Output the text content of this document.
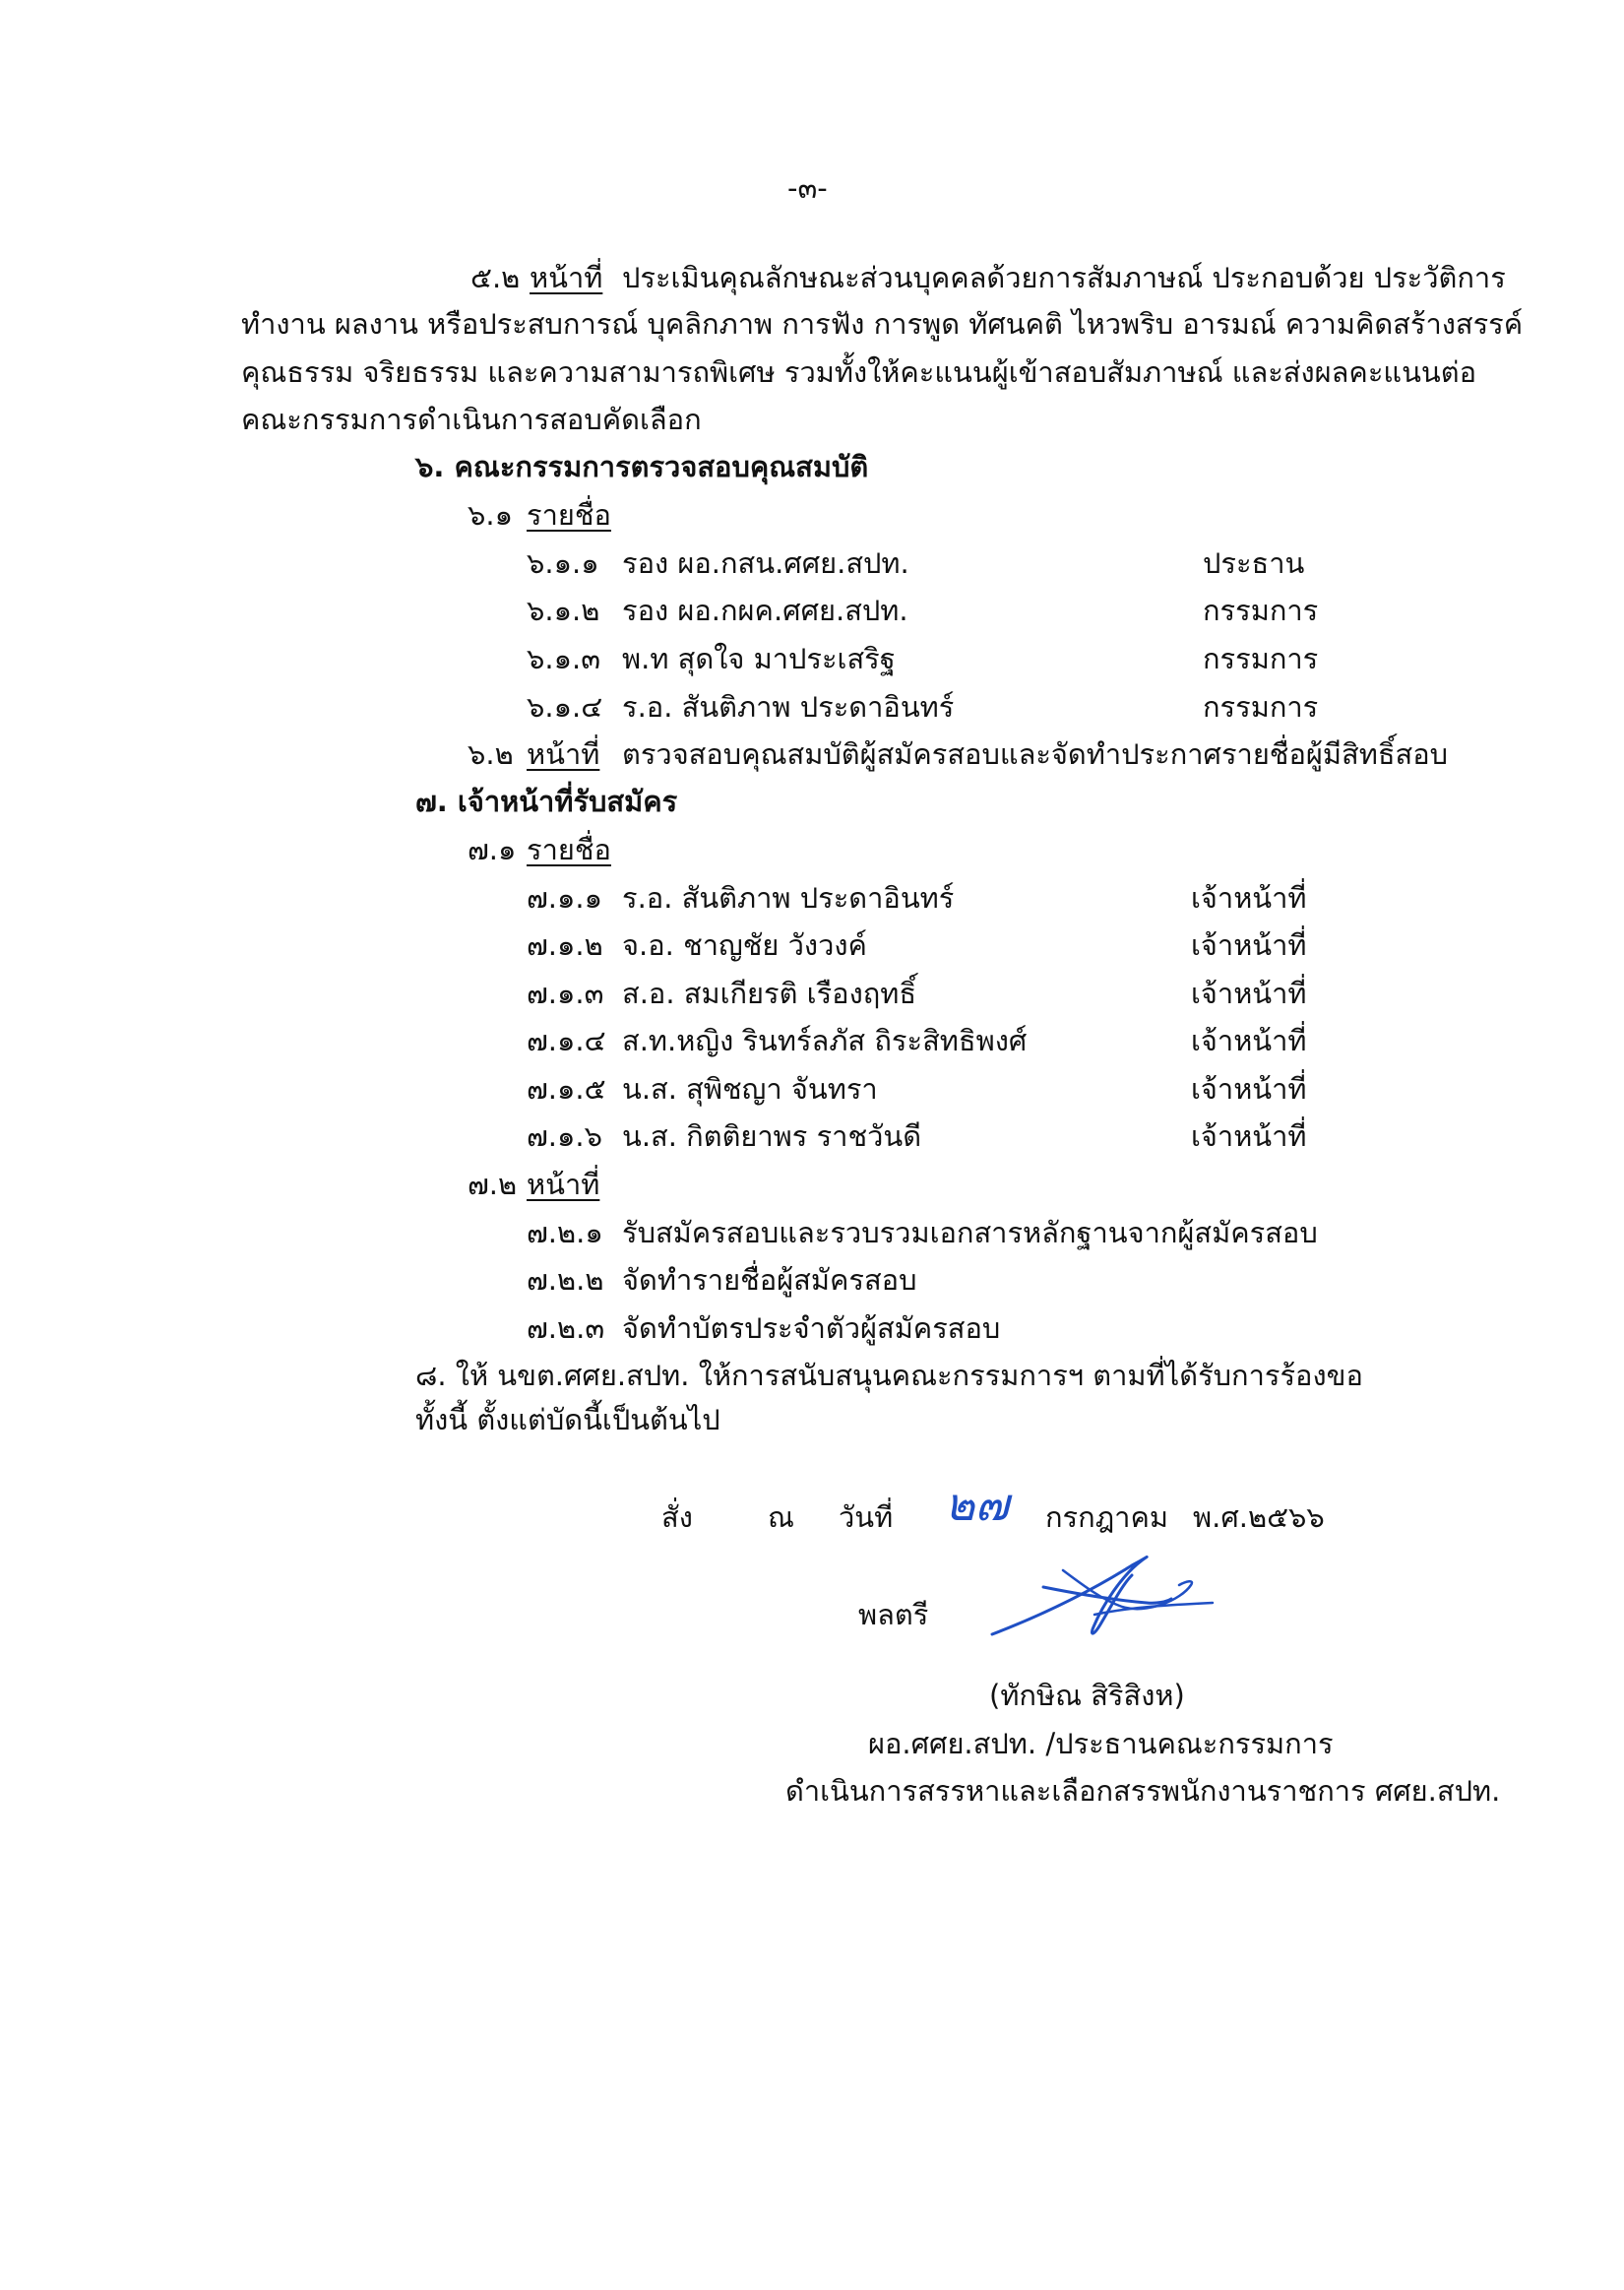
-๓-
๕.๒ หน้าที่ ประเมินคุณลักษณะส่วนบุคคลด้วยการสัมภาษณ์ ประกอบด้วย ประวัติการ
ทำงาน ผลงาน หรือประสบการณ์ บุคลิกภาพ การฟัง การพูด ทัศนคติ ไหวพริบ อารมณ์ ความคิดสร้างสรรค์
คุณธรรม จริยธรรม และความสามารถพิเศษ รวมทั้งให้คะแนนผู้เข้าสอบสัมภาษณ์ และส่งผลคะแนนต่อ
คณะกรรมการดำเนินการสอบคัดเลือก
๖. คณะกรรมการตรวจสอบคุณสมบัติ
๖.๑ รายชื่อ
๖.๑.๑ รอง ผอ.กสน.ศศย.สปท.	ประธาน
๖.๑.๒ รอง ผอ.กผค.ศศย.สปท.	กรรมการ
๖.๑.๓ พ.ท สุดใจ มาประเสริฐ	กรรมการ
๖.๑.๔ ร.อ. สันติภาพ ประดาอินทร์	กรรมการ
๖.๒ หน้าที่ ตรวจสอบคุณสมบัติผู้สมัครสอบและจัดทำประกาศรายชื่อผู้มีสิทธิ์สอบ
๗. เจ้าหน้าที่รับสมัคร
๗.๑ รายชื่อ
๗.๑.๑ ร.อ. สันติภาพ ประดาอินทร์	เจ้าหน้าที่
๗.๑.๒ จ.อ. ชาญชัย วังวงค์	เจ้าหน้าที่
๗.๑.๓ ส.อ. สมเกียรติ เรืองฤทธิ์	เจ้าหน้าที่
๗.๑.๔ ส.ท.หญิง รินทร์ลภัส ถิระสิทธิพงศ์	เจ้าหน้าที่
๗.๑.๕ น.ส. สุพิชญา จันทรา	เจ้าหน้าที่
๗.๑.๖ น.ส. กิตติยาพร ราชวันดี	เจ้าหน้าที่
๗.๒ หน้าที่
๗.๒.๑ รับสมัครสอบและรวบรวมเอกสารหลักฐานจากผู้สมัครสอบ
๗.๒.๒ จัดทำรายชื่อผู้สมัครสอบ
๗.๒.๓ จัดทำบัตรประจำตัวผู้สมัครสอบ
๘. ให้ นขต.ศศย.สปท. ให้การสนับสนุนคณะกรรมการฯ ตามที่ได้รับการร้องขอ
ทั้งนี้ ตั้งแต่บัดนี้เป็นต้นไป
สั่ง	ณ วันที่ ๒๗ กรกฎาคม พ.ศ.๒๕๖๖
พลตรี
(ทักษิณ สิริสิงห)
ผอ.ศศย.สปท. /ประธานคณะกรรมการ
ดำเนินการสรรหาและเลือกสรรพนักงานราชการ ศศย.สปท.
